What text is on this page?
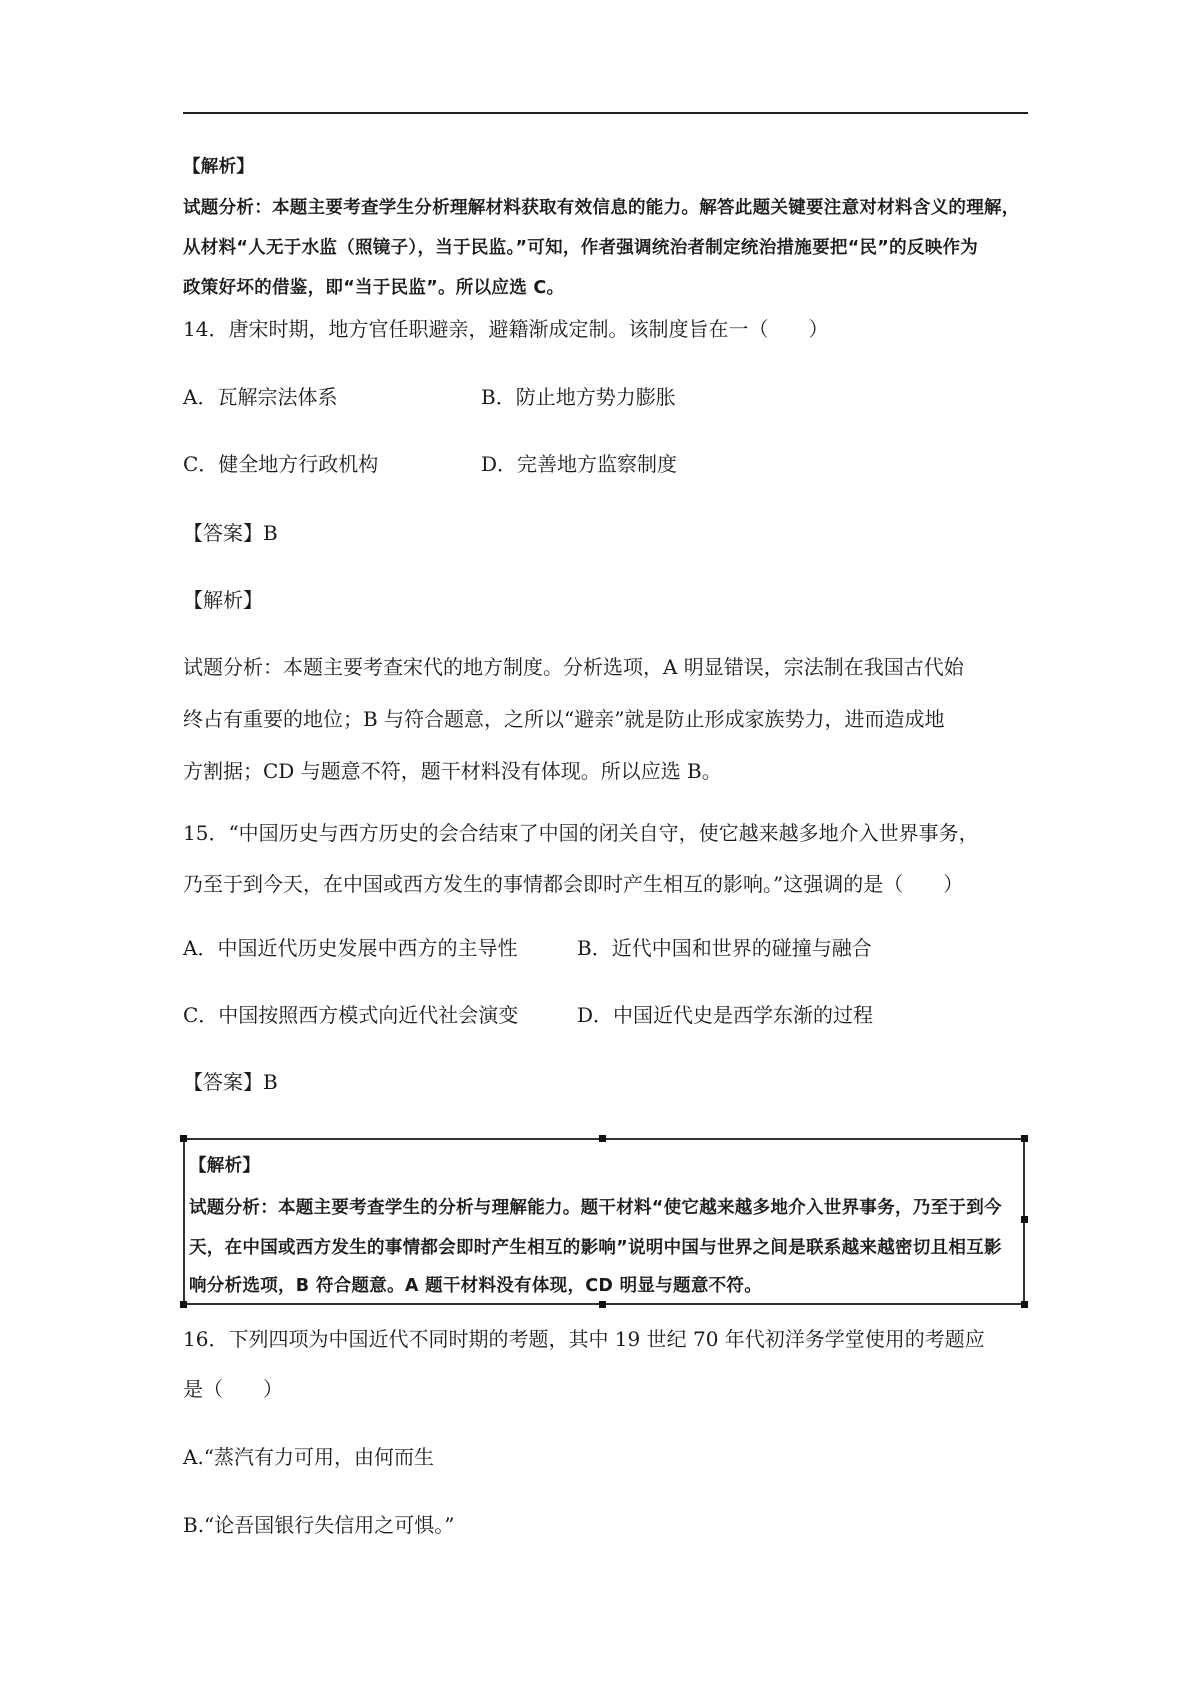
【解析】
试题分析：本题主要考查学生分析理解材料获取有效信息的能力。解答此题关键要注意对材料含义的理解，
从材料“人无于水监（照镜子），当于民监。”可知，作者强调统治者制定统治措施要把“民”的反映作为
政策好坏的借鉴，即“当于民监”。所以应选 C。
14．唐宋时期，地方官任职避亲，避籍渐成定制。该制度旨在一（　　）
A．瓦解宗法体系	B．防止地方势力膨胀
C．健全地方行政机构	D．完善地方监察制度
【答案】B
【解析】
试题分析：本题主要考查宋代的地方制度。分析选项，A 明显错误，宗法制在我国古代始
终占有重要的地位；B 与符合题意，之所以“避亲”就是防止形成家族势力，进而造成地
方割据；CD 与题意不符，题干材料没有体现。所以应选 B。
15．“中国历史与西方历史的会合结束了中国的闭关自守，使它越来越多地介入世界事务，
乃至于到今天，在中国或西方发生的事情都会即时产生相互的影响。”这强调的是（　　）
A．中国近代历史发展中西方的主导性	B．近代中国和世界的碰撞与融合
C．中国按照西方模式向近代社会演变	D．中国近代史是西学东渐的过程
【答案】B
【解析】
试题分析：本题主要考查学生的分析与理解能力。题干材料“使它越来越多地介入世界事务，乃至于到今
天，在中国或西方发生的事情都会即时产生相互的影响”说明中国与世界之间是联系越来越密切且相互影
响分析选项，B 符合题意。A 题干材料没有体现，CD 明显与题意不符。
16．下列四项为中国近代不同时期的考题，其中 19 世纪 70 年代初洋务学堂使用的考题应
是（　　）
A.“蒸汽有力可用，由何而生
B.“论吾国银行失信用之可惧。”
